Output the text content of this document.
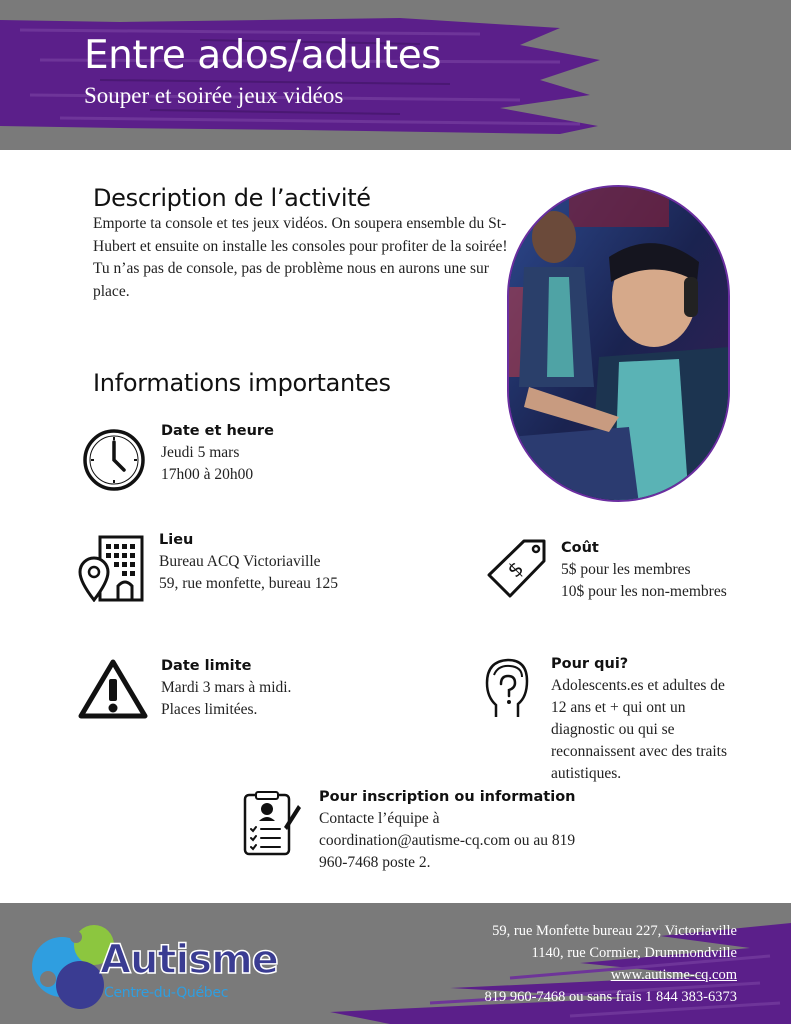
Entre ados/adultes
Souper et soirée jeux vidéos
Description de l’activité
Emporte ta console et tes jeux vidéos. On soupera ensemble du St-Hubert et ensuite on installe les consoles pour profiter de la soirée! Tu n’as pas de console, pas de problème nous en aurons une sur place.
Informations importantes
Date et heure
Jeudi 5 mars
17h00 à 20h00
Lieu
Bureau ACQ Victoriaville
59, rue monfette, bureau 125
$
Coût
5$ pour les membres
10$ pour les non-membres
Date limite
Mardi 3 mars à midi.
Places limitées.
Pour qui?
Adolescents.es et adultes de
12 ans et + qui ont un
diagnostic ou qui se
reconnaissent avec des traits
autistiques.
Pour inscription ou information
Contacte l’équipe à
coordination@autisme-cq.com ou au 819
960-7468 poste 2.
Autisme
Centre-du-Québec
59, rue Monfette bureau 227, Victoriaville
1140, rue Cormier, Drummondville
www.autisme-cq.com
819 960-7468 ou sans frais 1 844 383-6373
